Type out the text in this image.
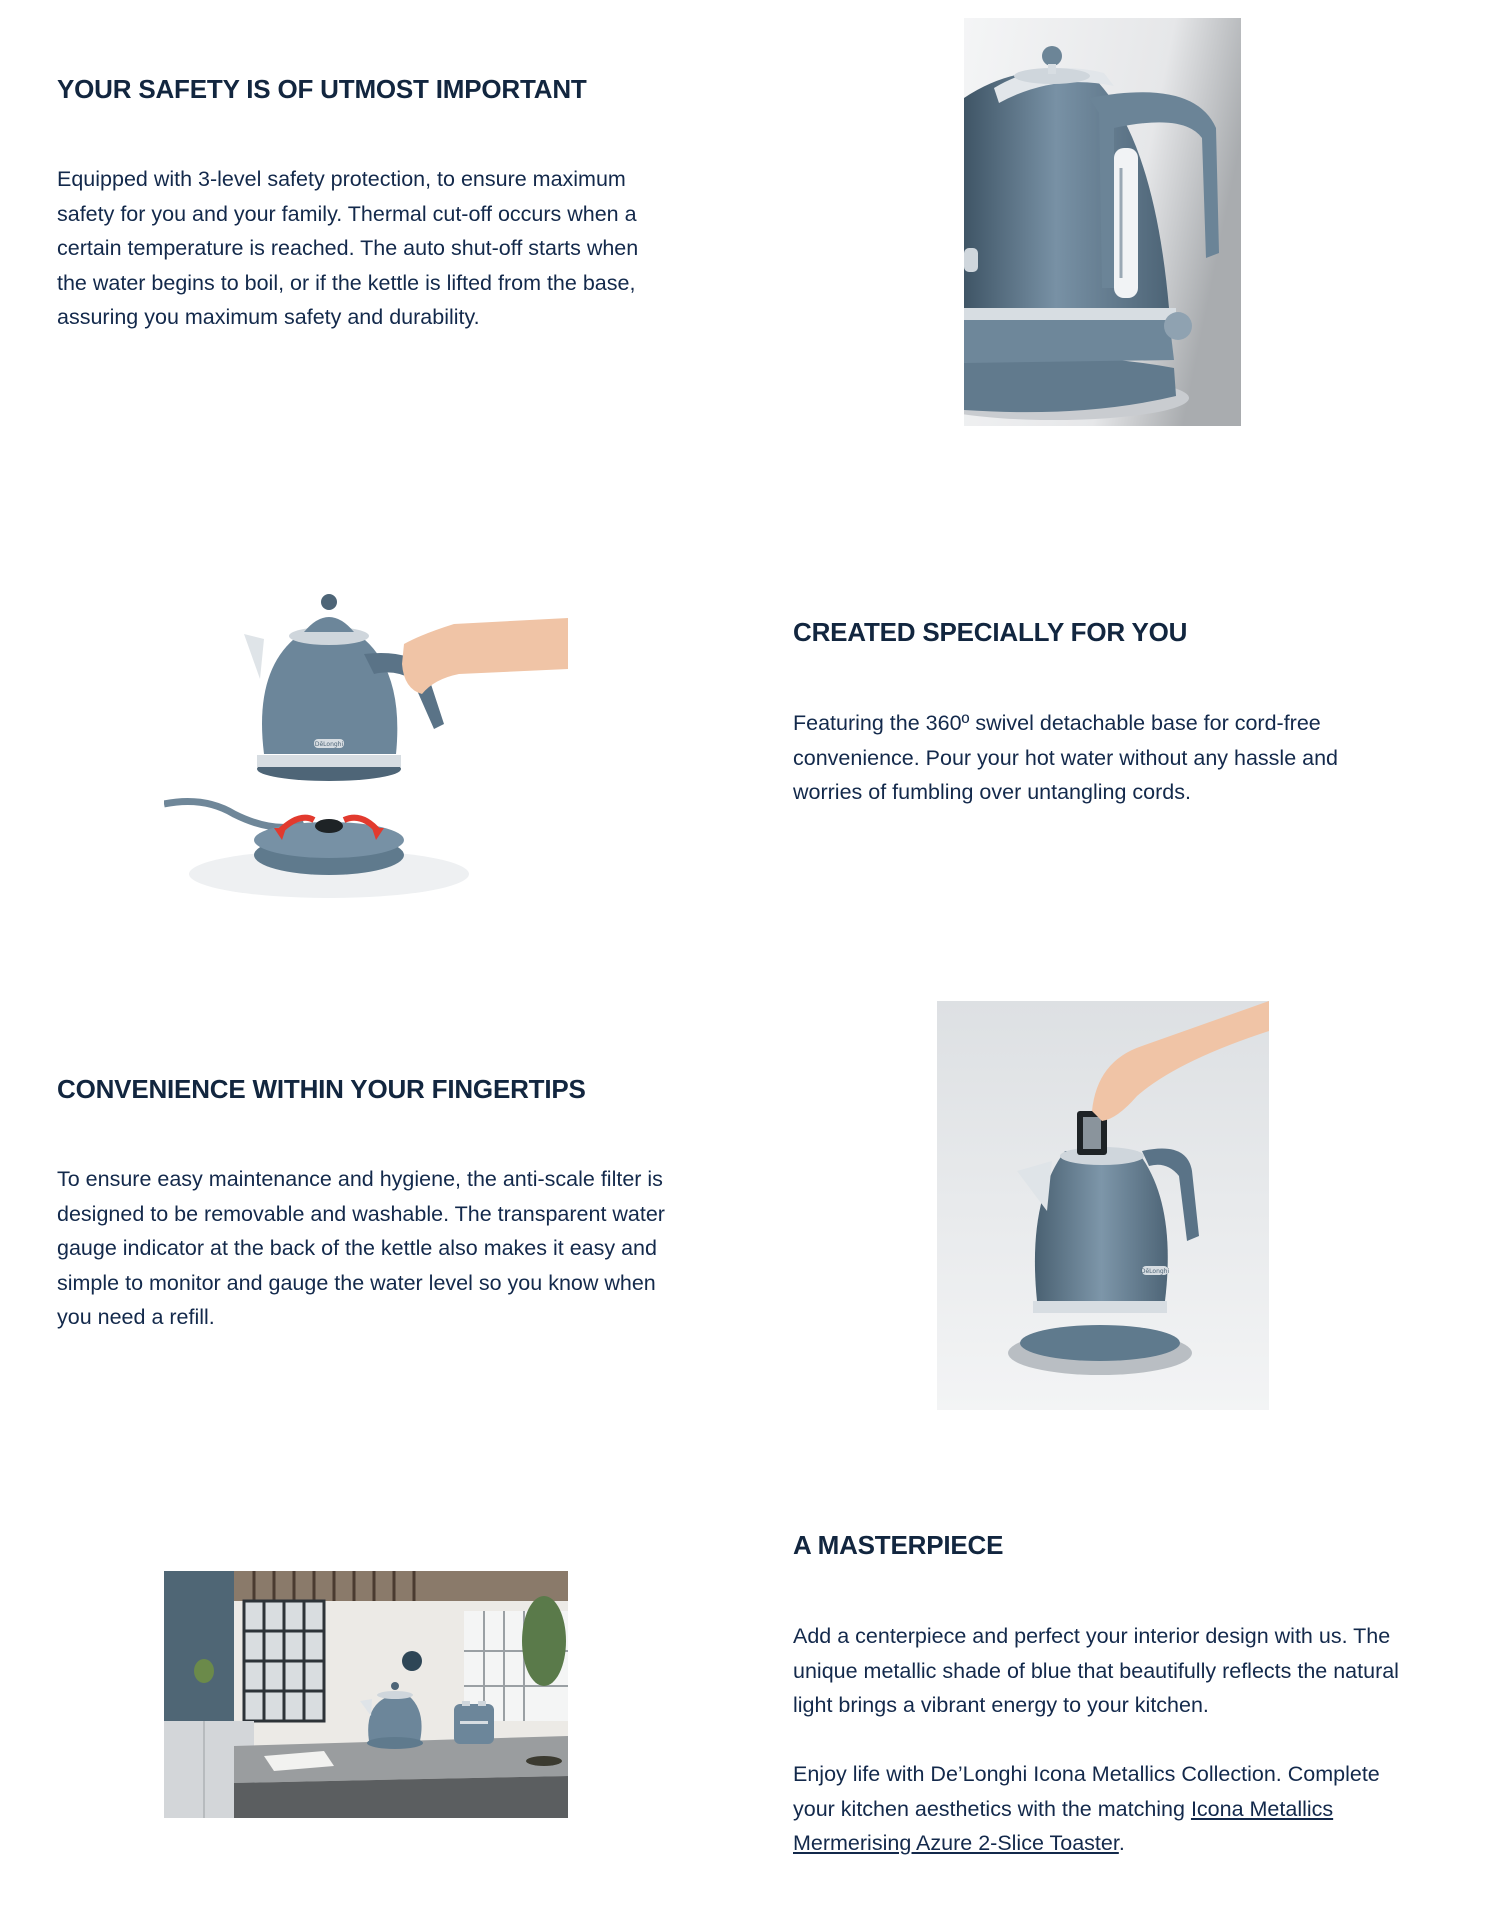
YOUR SAFETY IS OF UTMOST IMPORTANT

Equipped with 3-level safety protection, to ensure maximum safety for you and your family. Thermal cut-off occurs when a certain temperature is reached. The auto shut-off starts when the water begins to boil, or if the kettle is lifted from the base, assuring you maximum safety and durability.

DēLonghi
CREATED SPECIALLY FOR YOU

Featuring the 360º swivel detachable base for cord-free convenience. Pour your hot water without any hassle and worries of fumbling over untangling cords.

CONVENIENCE WITHIN YOUR FINGERTIPS

To ensure easy maintenance and hygiene, the anti-scale filter is designed to be removable and washable. The transparent water gauge indicator at the back of the kettle also makes it easy and simple to monitor and gauge the water level so you know when you need a refill.

DēLonghi
A MASTERPIECE

Add a centerpiece and perfect your interior design with us. The unique metallic shade of blue that beautifully reflects the natural light brings a vibrant energy to your kitchen.

Enjoy life with De’Longhi Icona Metallics Collection. Complete your kitchen aesthetics with the matching Icona Metallics Mermerising Azure 2-Slice Toaster.
